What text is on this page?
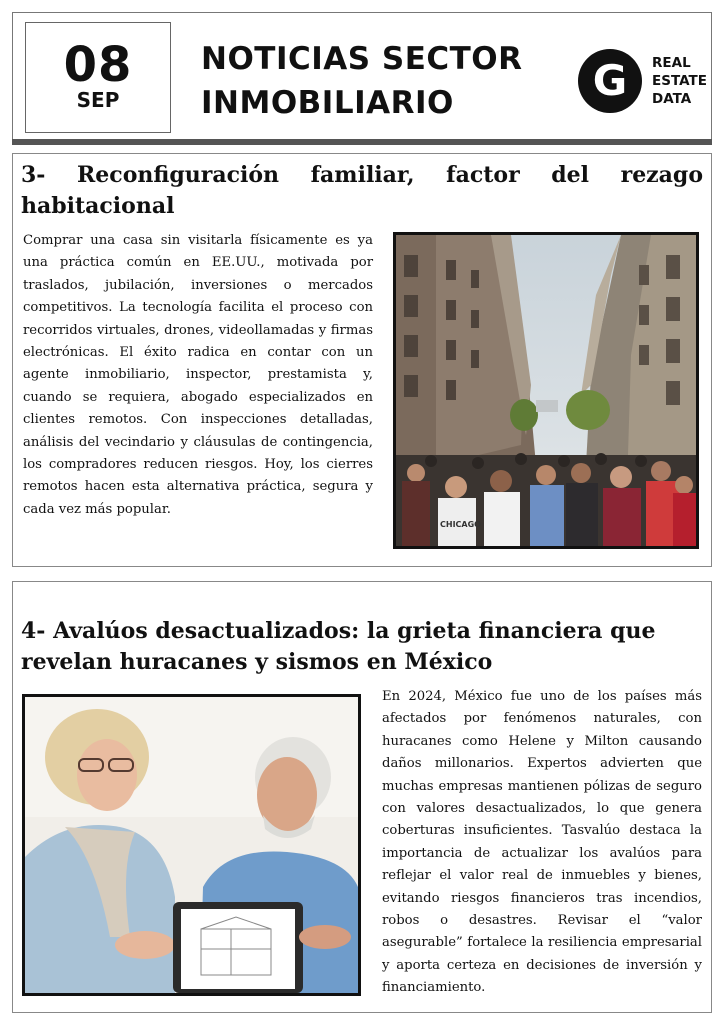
08
SEP
NOTICIAS SECTOR
INMOBILIARIO	G	REAL
ESTATE
DATA
3- Reconfiguración familiar, factor del rezago habitacional

Comprar una casa sin visitarla físicamente es ya una práctica común en EE.UU., motivada por traslados, jubilación, inversiones o mercados competitivos. La tecnología facilita el proceso con recorridos virtuales, drones, videollamadas y firmas electrónicas. El éxito radica en contar con un agente inmobiliario, inspector, prestamista y, cuando se requiera, abogado especializados en clientes remotos. Con inspecciones detalladas, análisis del vecindario y cláusulas de contingencia, los compradores reducen riesgos. Hoy, los cierres remotos hacen esta alternativa práctica, segura y cada vez más popular.

CHICAGO
4- Avalúos desactualizados: la grieta financiera que revelan huracanes y sismos en México

En 2024, México fue uno de los países más afectados por fenómenos naturales, con huracanes como Helene y Milton causando daños millonarios. Expertos advierten que muchas empresas mantienen pólizas de seguro con valores desactualizados, lo que genera coberturas insuficientes. Tasvalúo destaca la importancia de actualizar los avalúos para reflejar el valor real de inmuebles y bienes, evitando riesgos financieros tras incendios, robos o desastres. Revisar el “valor asegurable” fortalece la resiliencia empresarial y aporta certeza en decisiones de inversión y financiamiento.
